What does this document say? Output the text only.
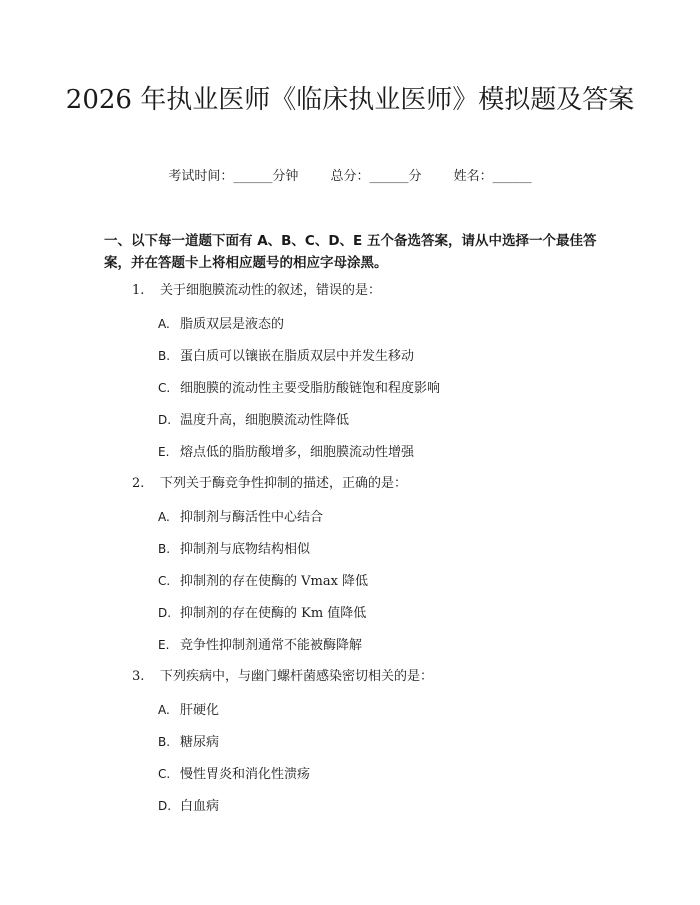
2026 年执业医师《临床执业医师》模拟题及答案
考试时间：______分钟 总分：______分 姓名：______
一、以下每一道题下面有 A、B、C、D、E 五个备选答案，请从中选择一个最佳答案，并在答题卡上将相应题号的相应字母涂黑。
1. 关于细胞膜流动性的叙述，错误的是：
A. 脂质双层是液态的
B. 蛋白质可以镶嵌在脂质双层中并发生移动
C. 细胞膜的流动性主要受脂肪酸链饱和程度影响
D. 温度升高，细胞膜流动性降低
E. 熔点低的脂肪酸增多，细胞膜流动性增强
2. 下列关于酶竞争性抑制的描述，正确的是：
A. 抑制剂与酶活性中心结合
B. 抑制剂与底物结构相似
C. 抑制剂的存在使酶的 Vmax 降低
D. 抑制剂的存在使酶的 Km 值降低
E. 竞争性抑制剂通常不能被酶降解
3. 下列疾病中，与幽门螺杆菌感染密切相关的是：
A. 肝硬化
B. 糖尿病
C. 慢性胃炎和消化性溃疡
D. 白血病
